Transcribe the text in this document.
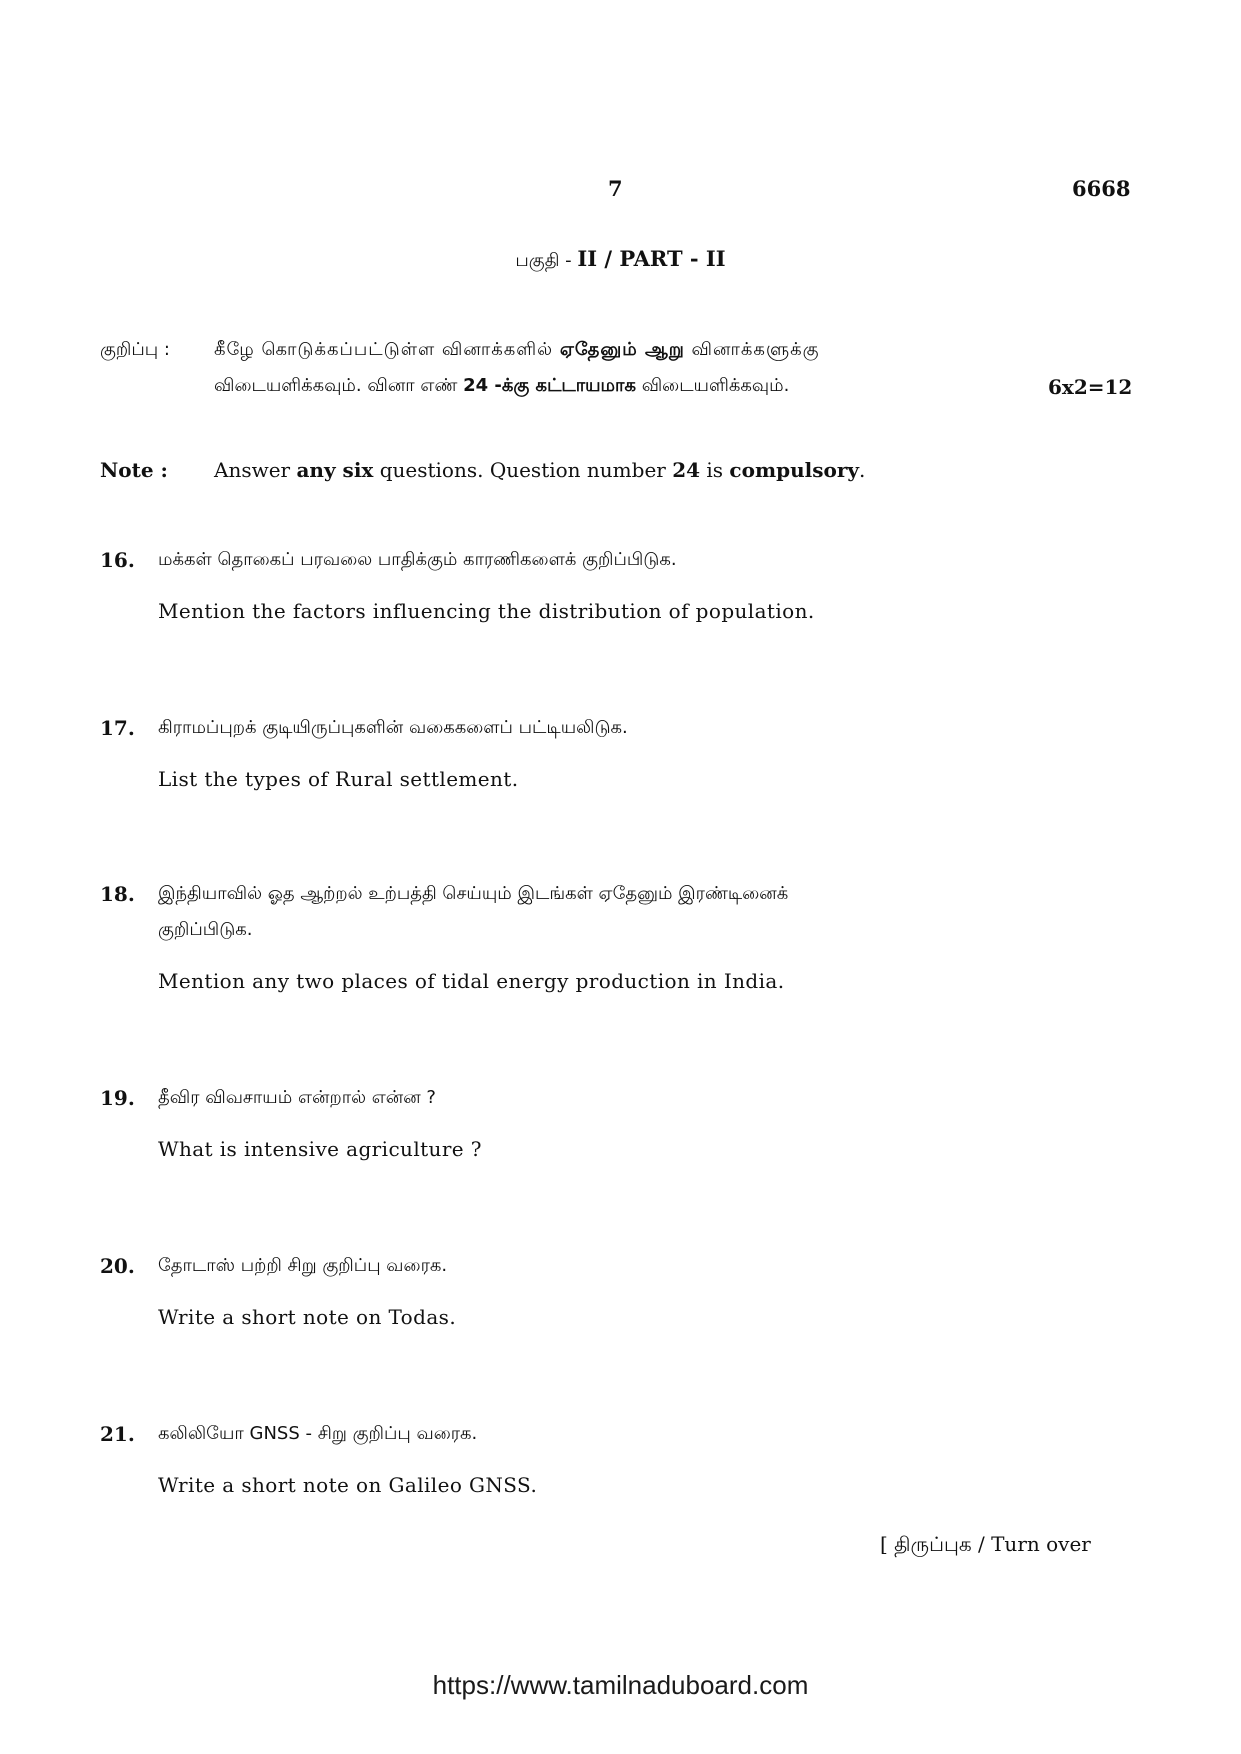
7	6668
பகுதி - II / PART - II
குறிப்பு : கீழே கொடுக்கப்பட்டுள்ள வினாக்களில் ஏதேனும் ஆறு வினாக்களுக்கு
விடையளிக்கவும். வினா எண் 24 -க்கு கட்டாயமாக விடையளிக்கவும்.	6x2=12
Note : Answer any six questions. Question number 24 is compulsory.
16. மக்கள் தொகைப் பரவலை பாதிக்கும் காரணிகளைக் குறிப்பிடுக.
Mention the factors influencing the distribution of population.
17. கிராமப்புறக் குடியிருப்புகளின் வகைகளைப் பட்டியலிடுக.
List the types of Rural settlement.
18. இந்தியாவில் ஓத ஆற்றல் உற்பத்தி செய்யும் இடங்கள் ஏதேனும் இரண்டினைக்
குறிப்பிடுக.
Mention any two places of tidal energy production in India.
19. தீவிர விவசாயம் என்றால் என்ன ?
What is intensive agriculture ?
20. தோடாஸ் பற்றி சிறு குறிப்பு வரைக.
Write a short note on Todas.
21. கலிலியோ GNSS - சிறு குறிப்பு வரைக.
Write a short note on Galileo GNSS.
[ திருப்புக / Turn over
https://www.tamilnaduboard.com
